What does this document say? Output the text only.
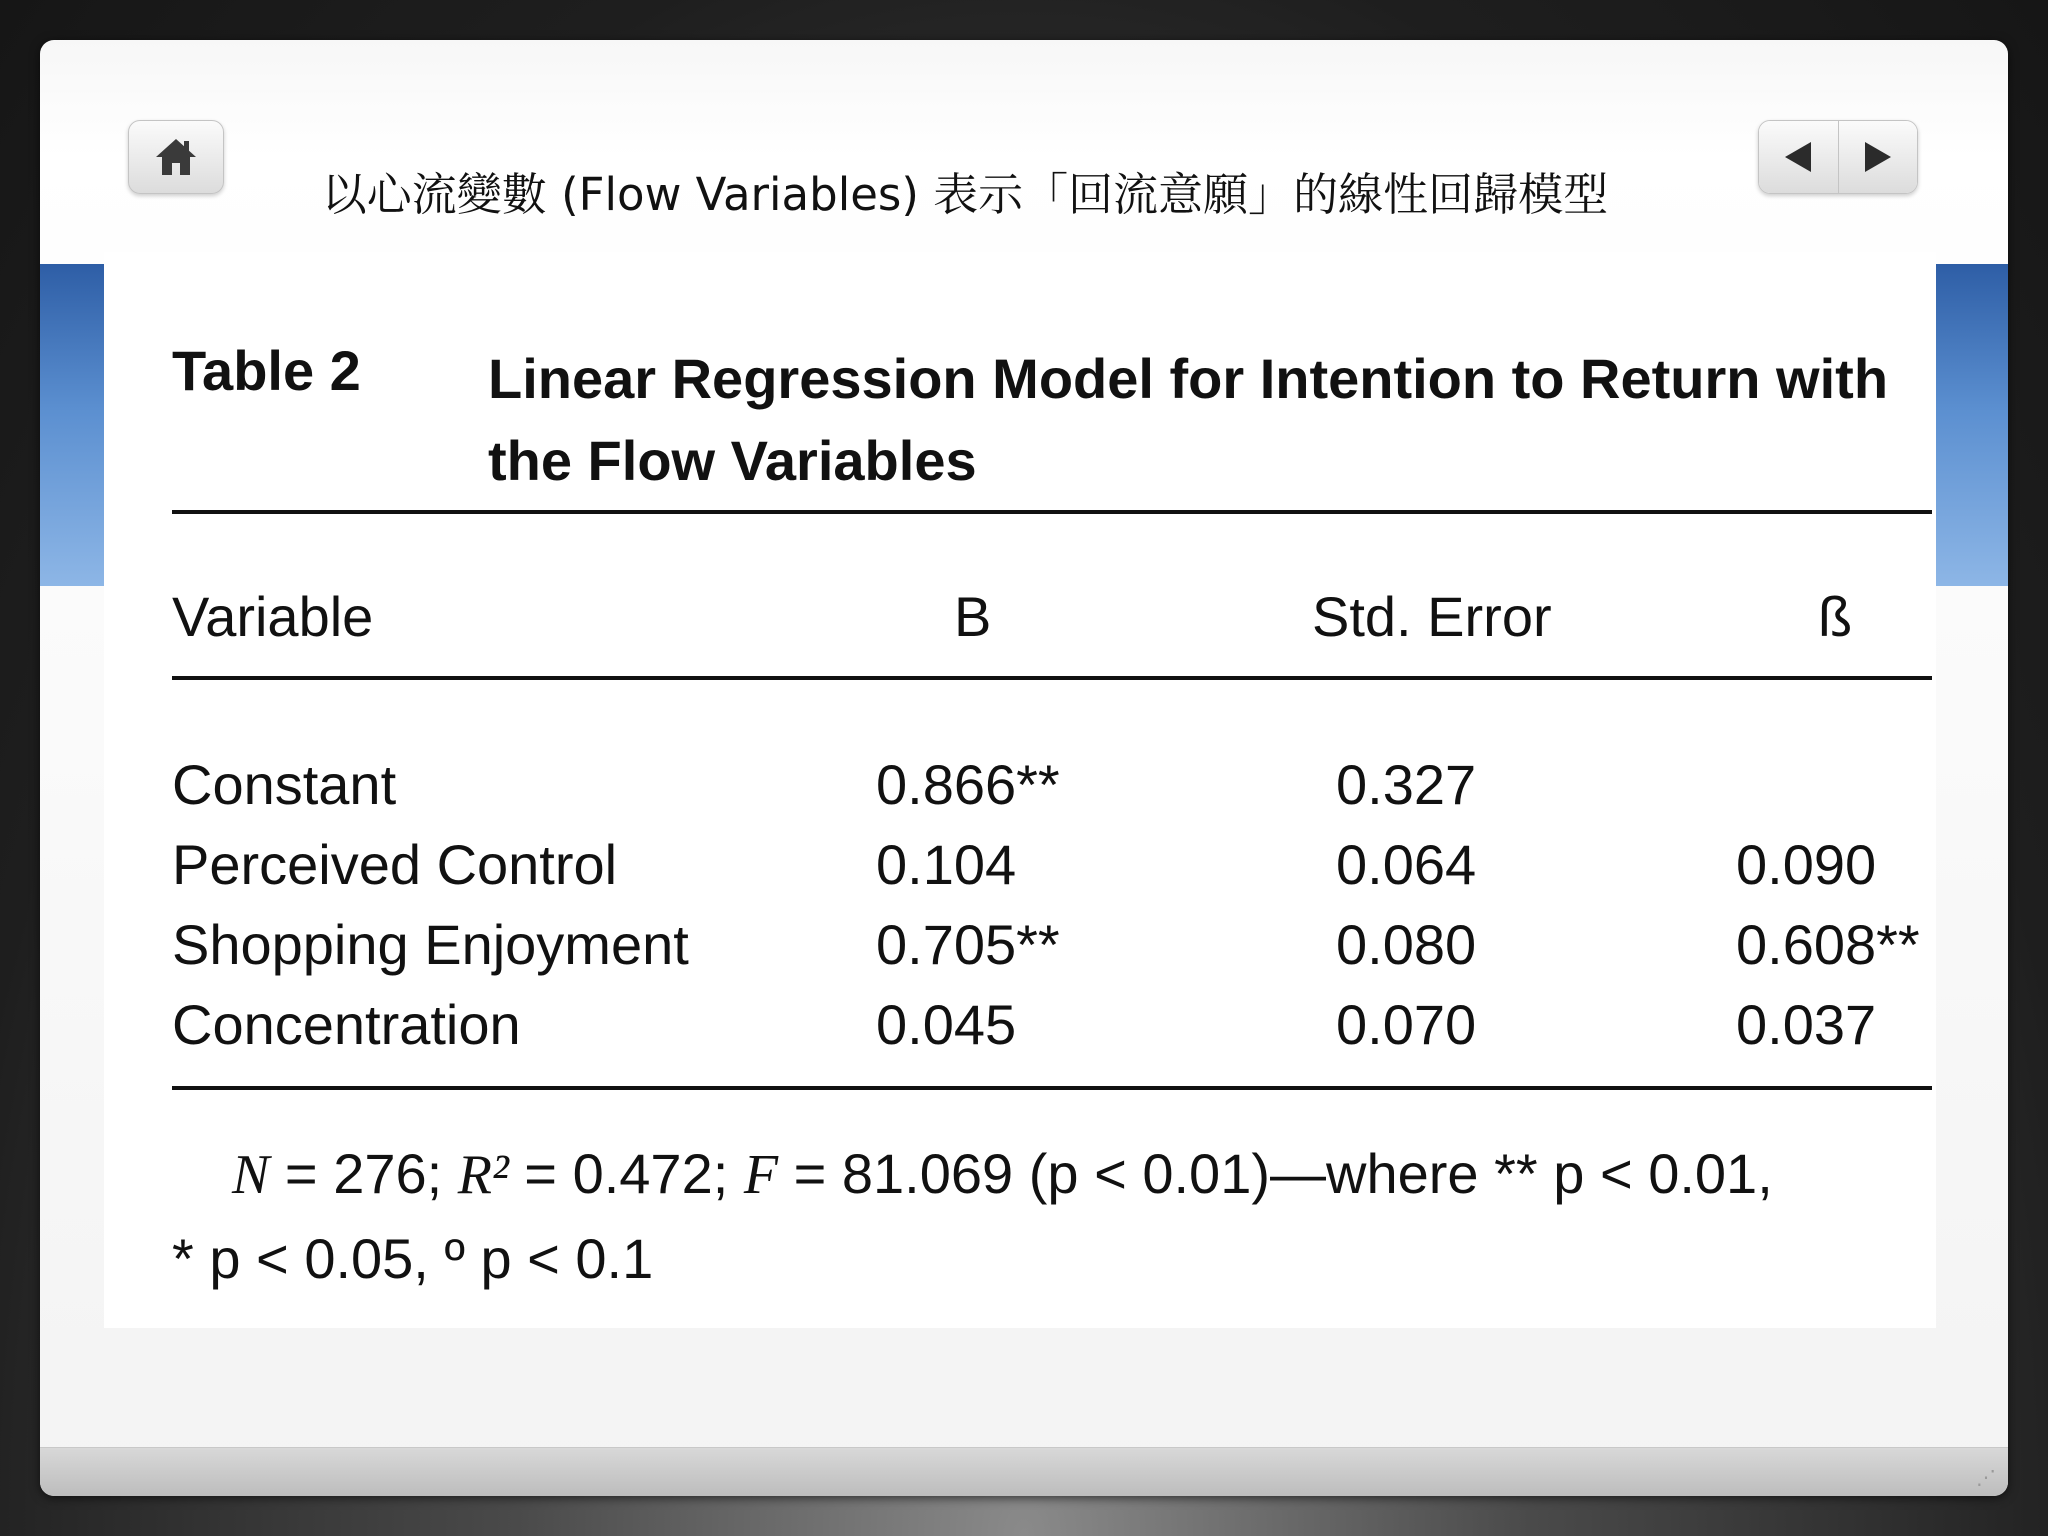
以心流變數 (Flow Variables) 表示「回流意願」的線性回歸模型
Table 2 Linear Regression Model for Intention to Return with the Flow Variables
Variable	B	Std. Error	ß
Constant	0.866**	0.327
Perceived Control	0.104	0.064	0.090
Shopping Enjoyment	0.705**	0.080	0.608**
Concentration	0.045	0.070	0.037
N = 276; R² = 0.472; F = 81.069 (p < 0.01)—where ** p < 0.01,
* p < 0.05, º p < 0.1
⋰
